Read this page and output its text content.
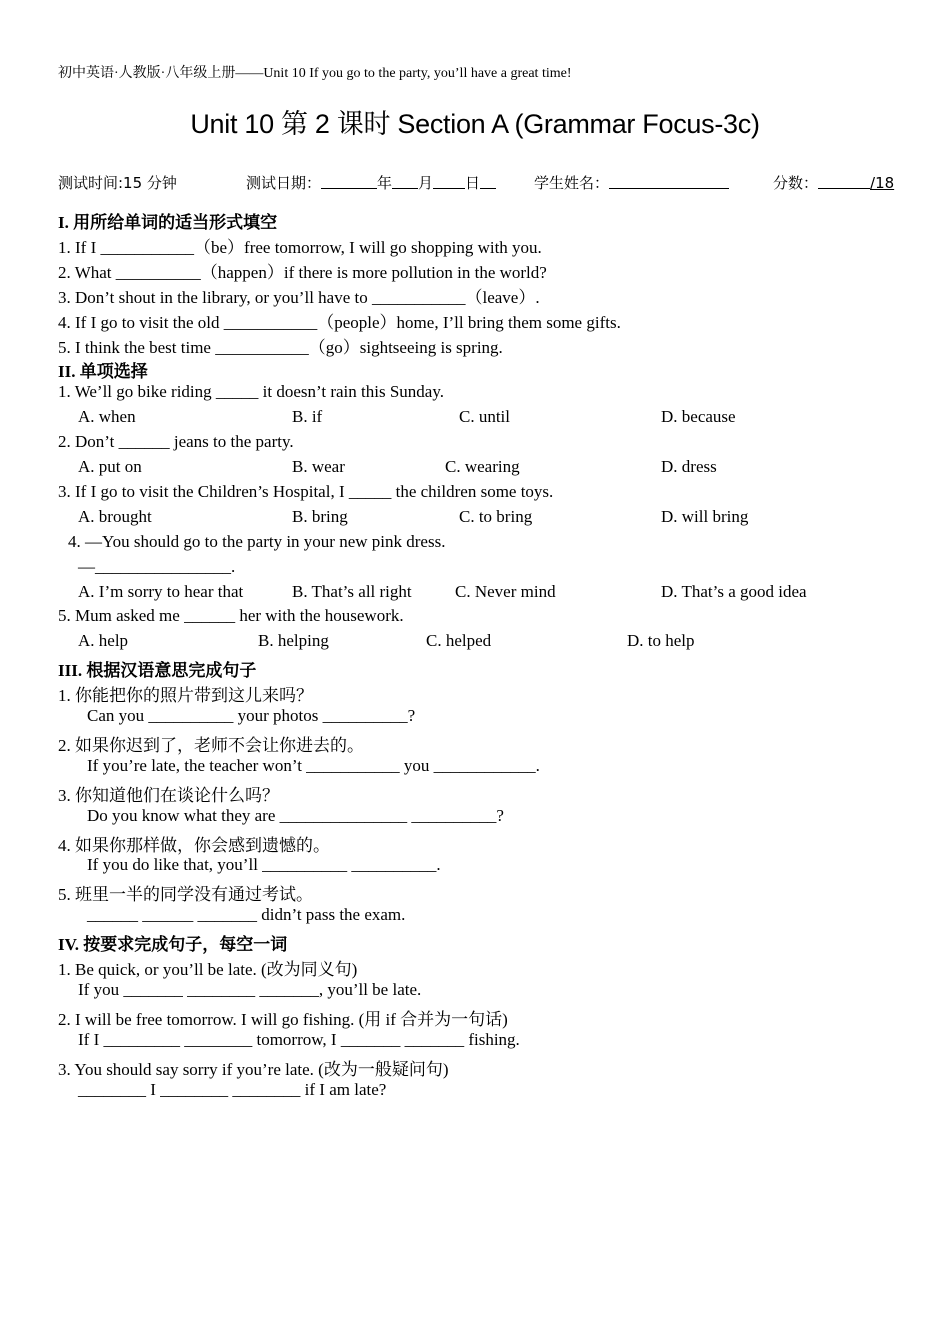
初中英语·人教版·八年级上册——Unit 10 If you go to the party, you’ll have a great time!
Unit 10 第 2 课时 Section A (Grammar Focus-3c)
测试时间:15 分钟	测试日期：	年 月 日	学生姓名：	分数：	/18
I. 用所给单词的适当形式填空
1. If I ___________（be）free tomorrow, I will go shopping with you.
2. What __________（happen）if there is more pollution in the world?
3. Don’t shout in the library, or you’ll have to ___________（leave）.
4. If I go to visit the old ___________（people）home, I’ll bring them some gifts.
5. I think the best time ___________（go）sightseeing is spring.
II. 单项选择
1. We’ll go bike riding _____ it doesn’t rain this Sunday.
A. when	B. if	C. until	D. because
2. Don’t ______ jeans to the party.
A. put on	B. wear	C. wearing	D. dress
3. If I go to visit the Children’s Hospital, I _____ the children some toys.
A. brought	B. bring	C. to bring	D. will bring
4. —You should go to the party in your new pink dress.
—________________.
A. I’m sorry to hear that	B. That’s all right	C. Never mind	D. That’s a good idea
5. Mum asked me ______ her with the housework.
A. help	B. helping	C. helped	D. to help
III. 根据汉语意思完成句子
1. 你能把你的照片带到这儿来吗？
Can you __________ your photos __________?
2. 如果你迟到了，老师不会让你进去的。
If you’re late, the teacher won’t ___________ you ____________.
3. 你知道他们在谈论什么吗？
Do you know what they are _______________ __________?
4. 如果你那样做，你会感到遗憾的。
If you do like that, you’ll __________ __________.
5. 班里一半的同学没有通过考试。
______ ______ _______ didn’t pass the exam.
IV. 按要求完成句子，每空一词
1. Be quick, or you’ll be late. (改为同义句)
If you _______ ________ _______, you’ll be late.
2. I will be free tomorrow. I will go fishing. (用 if 合并为一句话)
If I _________ ________ tomorrow, I _______ _______ fishing.
3. You should say sorry if you’re late. (改为一般疑问句)
________ I ________ ________ if I am late?
